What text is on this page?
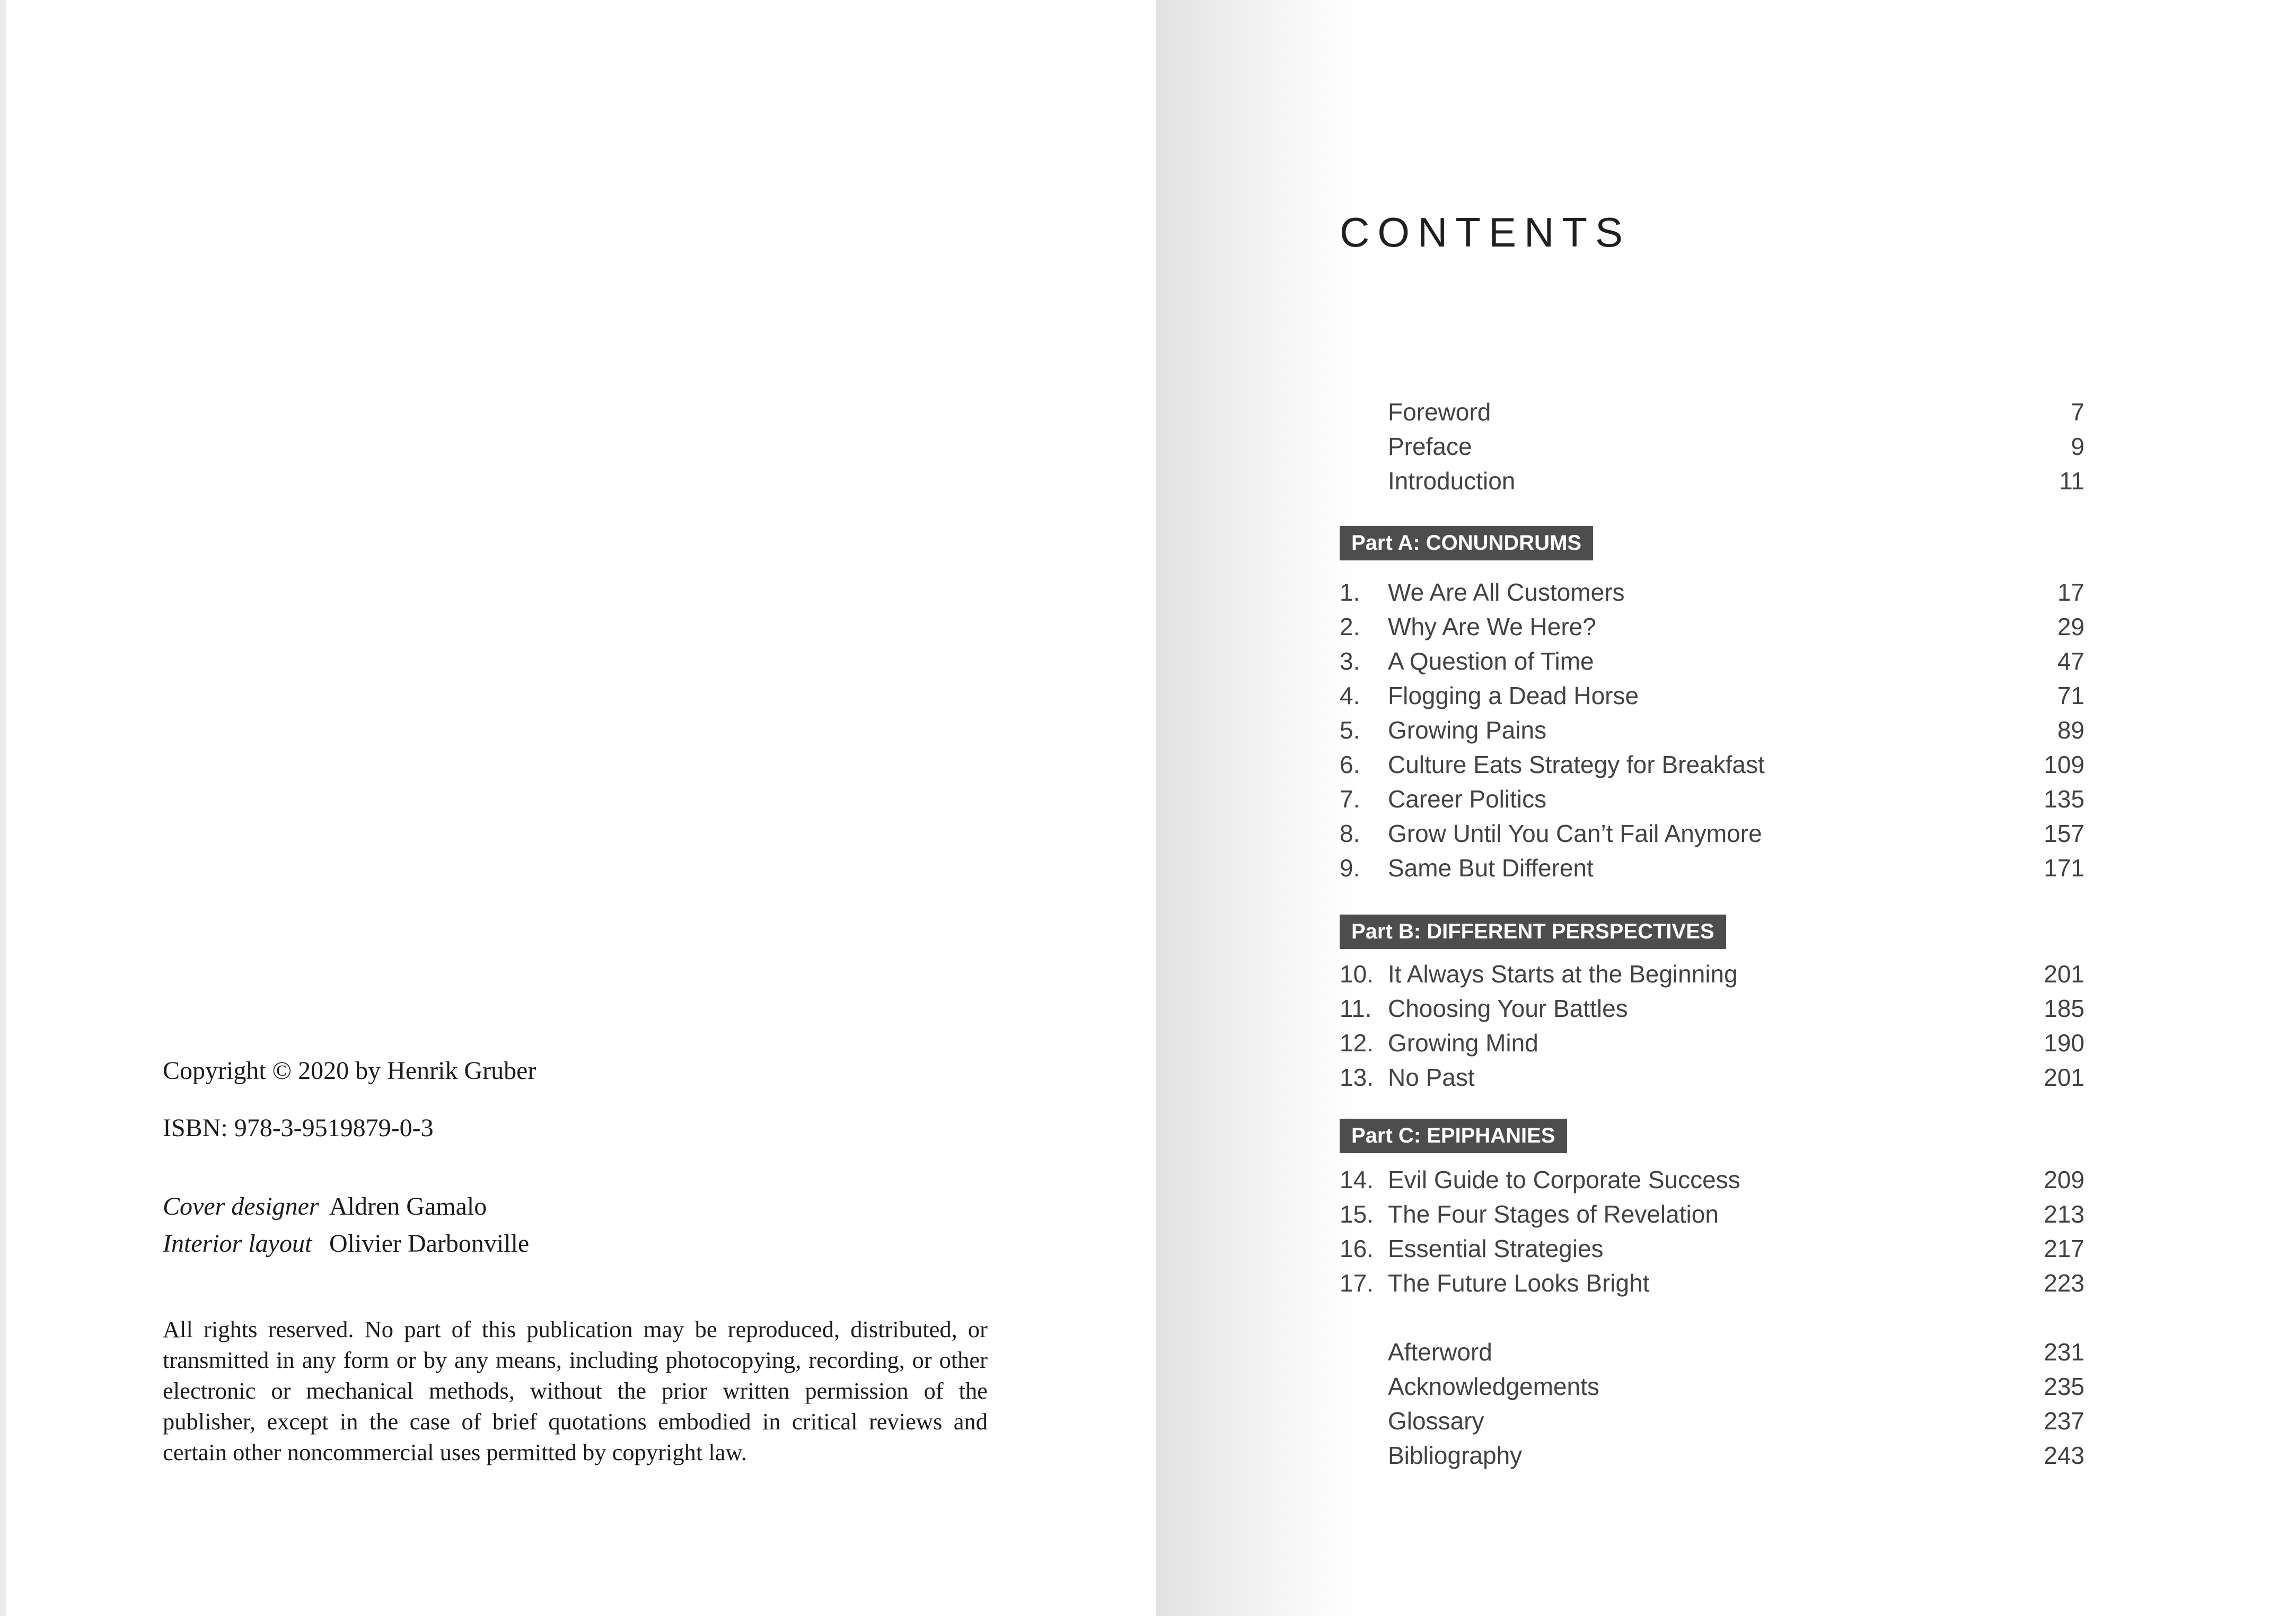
Copyright © 2020 by Henrik Gruber
ISBN: 978-3-9519879-0-3
Cover designer Aldren Gamalo
Interior layout Olivier Darbonville
All rights reserved. No part of this publication may be reproduced, distributed, or transmitted in any form or by any means, including photocopying, recording, or other electronic or mechanical methods, without the prior written permission of the publisher, except in the case of brief quotations embodied in critical reviews and certain other noncommercial uses permitted by copyright law.
CONTENTS
Foreword	7
Preface	9
Introduction	11
Part A: CONUNDRUMS
1. We Are All Customers	17
2. Why Are We Here?	29
3. A Question of Time	47
4. Flogging a Dead Horse	71
5. Growing Pains	89
6. Culture Eats Strategy for Breakfast	109
7. Career Politics	135
8. Grow Until You Can’t Fail Anymore	157
9. Same But Different	171
Part B: DIFFERENT PERSPECTIVES
10. It Always Starts at the Beginning	201
11. Choosing Your Battles	185
12. Growing Mind	190
13. No Past	201
Part C: EPIPHANIES
14. Evil Guide to Corporate Success	209
15. The Four Stages of Revelation	213
16. Essential Strategies	217
17. The Future Looks Bright	223
Afterword	231
Acknowledgements	235
Glossary	237
Bibliography	243
